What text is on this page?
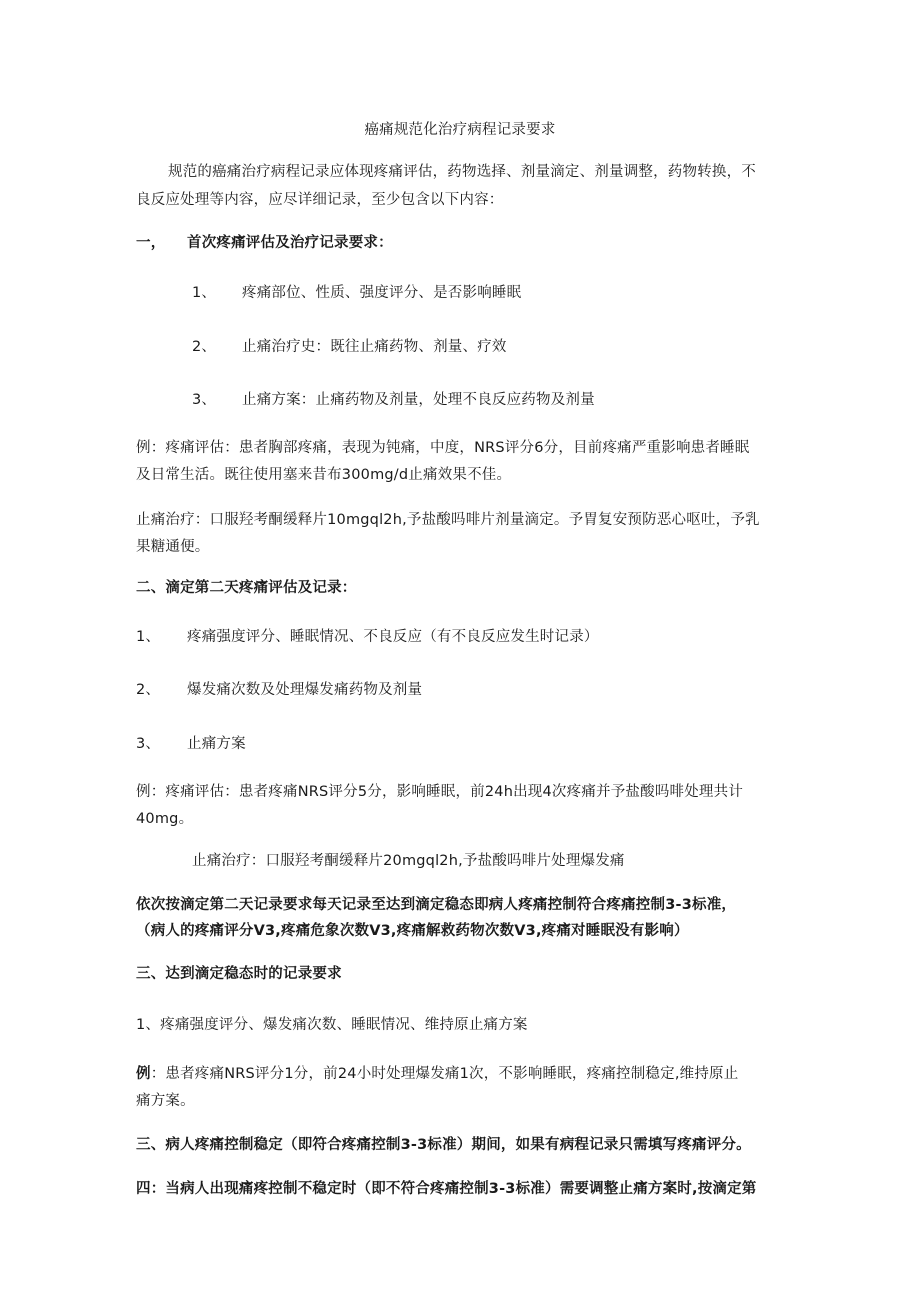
癌痛规范化治疗病程记录要求
规范的癌痛治疗病程记录应体现疼痛评估，药物选择、剂量滴定、剂量调整，药物转换，不
良反应处理等内容，应尽详细记录，至少包含以下内容：
一， 首次疼痛评估及治疗记录要求：
1、 疼痛部位、性质、强度评分、是否影响睡眠
2、 止痛治疗史：既往止痛药物、剂量、疗效
3、 止痛方案：止痛药物及剂量，处理不良反应药物及剂量
例：疼痛评估：患者胸部疼痛，表现为钝痛，中度，NRS评分6分，目前疼痛严重影响患者睡眠
及日常生活。既往使用塞来昔布300mg/d止痛效果不佳。
止痛治疗：口服羟考酮缓释片10mgql2h,予盐酸吗啡片剂量滴定。予胃复安预防恶心呕吐，予乳
果糖通便。
二、滴定第二天疼痛评估及记录：
1、 疼痛强度评分、睡眠情况、不良反应（有不良反应发生时记录）
2、 爆发痛次数及处理爆发痛药物及剂量
3、 止痛方案
例：疼痛评估：患者疼痛NRS评分5分，影响睡眠，前24h出现4次疼痛并予盐酸吗啡处理共计
40mg。
止痛治疗：口服羟考酮缓释片20mgql2h,予盐酸吗啡片处理爆发痛
依次按滴定第二天记录要求每天记录至达到滴定稳态即病人疼痛控制符合疼痛控制3-3标准，
（病人的疼痛评分V3,疼痛危象次数V3,疼痛解救药物次数V3,疼痛对睡眠没有影响）
三、达到滴定稳态时的记录要求
1、疼痛强度评分、爆发痛次数、睡眠情况、维持原止痛方案
例：患者疼痛NRS评分1分，前24小时处理爆发痛1次，不影响睡眠，疼痛控制稳定,维持原止
痛方案。
三、病人疼痛控制稳定（即符合疼痛控制3-3标准）期间，如果有病程记录只需填写疼痛评分。
四：当病人出现痛疼控制不稳定时（即不符合疼痛控制3-3标准）需要调整止痛方案时,按滴定第
